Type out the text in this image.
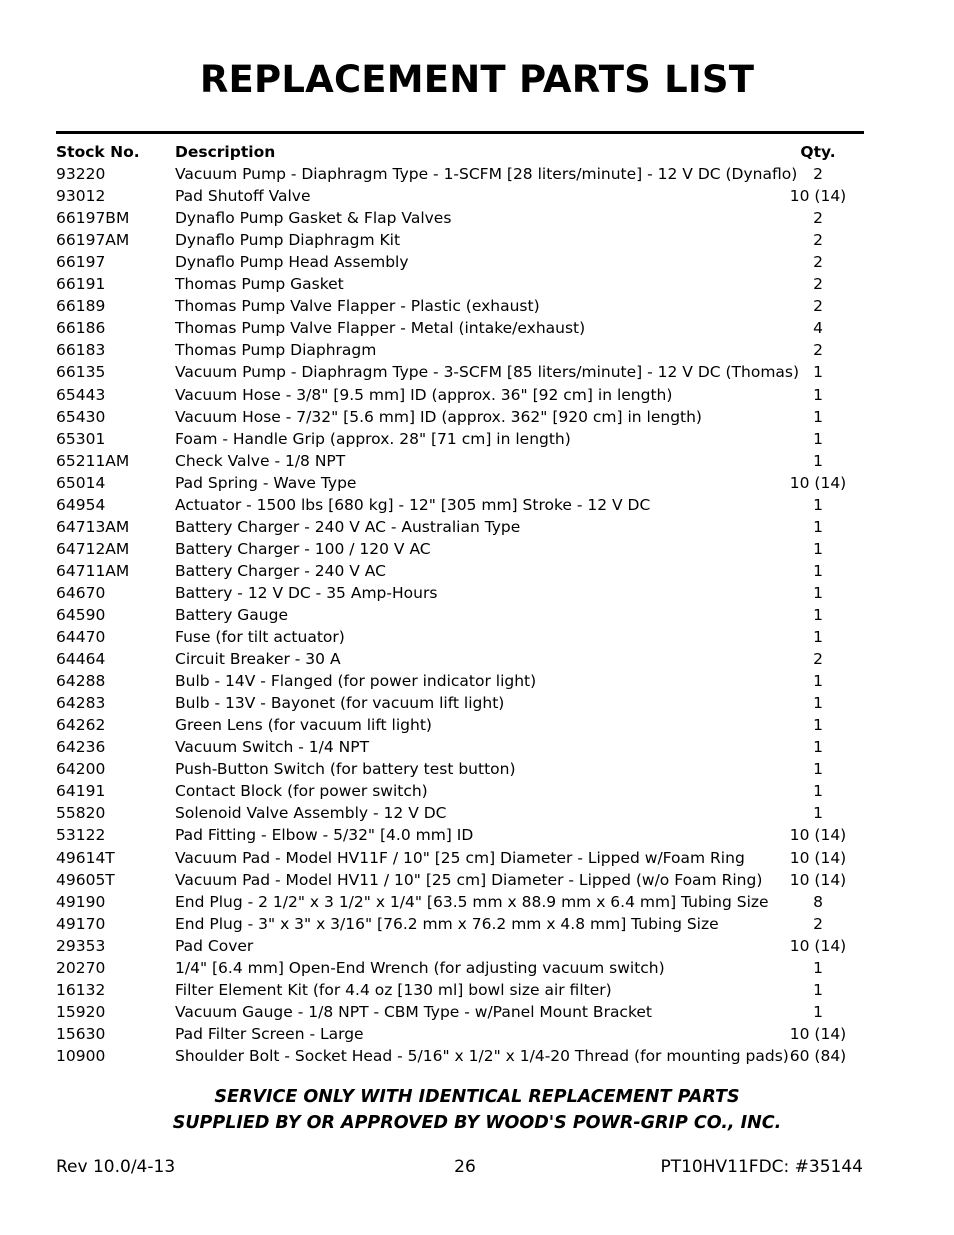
REPLACEMENT PARTS LIST
Stock No. Description	Qty.
93220	Vacuum Pump - Diaphragm Type - 1-SCFM [28 liters/minute] - 12 V DC (Dynaflo)	2
93012	Pad Shutoff Valve	10 (14)
66197BM	Dynaflo Pump Gasket & Flap Valves	2
66197AM	Dynaflo Pump Diaphragm Kit	2
66197	Dynaflo Pump Head Assembly	2
66191	Thomas Pump Gasket	2
66189	Thomas Pump Valve Flapper - Plastic (exhaust)	2
66186	Thomas Pump Valve Flapper - Metal (intake/exhaust)	4
66183	Thomas Pump Diaphragm	2
66135	Vacuum Pump - Diaphragm Type - 3-SCFM [85 liters/minute] - 12 V DC (Thomas) 1
65443	Vacuum Hose - 3/8" [9.5 mm] ID (approx. 36" [92 cm] in length)	1
65430	Vacuum Hose - 7/32" [5.6 mm] ID (approx. 362" [920 cm] in length)	1
65301	Foam - Handle Grip (approx. 28" [71 cm] in length)	1
65211AM	Check Valve - 1/8 NPT	1
65014	Pad Spring - Wave Type	10 (14)
64954	Actuator - 1500 lbs [680 kg] - 12" [305 mm] Stroke - 12 V DC	1
64713AM	Battery Charger - 240 V AC - Australian Type	1
64712AM	Battery Charger - 100 / 120 V AC	1
64711AM	Battery Charger - 240 V AC	1
64670	Battery - 12 V DC - 35 Amp-Hours	1
64590	Battery Gauge	1
64470	Fuse (for tilt actuator)	1
64464	Circuit Breaker - 30 A	2
64288	Bulb - 14V - Flanged (for power indicator light)	1
64283	Bulb - 13V - Bayonet (for vacuum lift light)	1
64262	Green Lens (for vacuum lift light)	1
64236	Vacuum Switch - 1/4 NPT	1
64200	Push-Button Switch (for battery test button)	1
64191	Contact Block (for power switch)	1
55820	Solenoid Valve Assembly - 12 V DC	1
53122	Pad Fitting - Elbow - 5/32" [4.0 mm] ID	10 (14)
49614T	Vacuum Pad - Model HV11F / 10" [25 cm] Diameter - Lipped w/Foam Ring	10 (14)
49605T	Vacuum Pad - Model HV11 / 10" [25 cm] Diameter - Lipped (w/o Foam Ring)	10 (14)
49190	End Plug - 2 1/2" x 3 1/2" x 1/4" [63.5 mm x 88.9 mm x 6.4 mm] Tubing Size	8
49170	End Plug - 3" x 3" x 3/16" [76.2 mm x 76.2 mm x 4.8 mm] Tubing Size	2
29353	Pad Cover	10 (14)
20270	1/4" [6.4 mm] Open-End Wrench (for adjusting vacuum switch)	1
16132	Filter Element Kit (for 4.4 oz [130 ml] bowl size air filter)	1
15920	Vacuum Gauge - 1/8 NPT - CBM Type - w/Panel Mount Bracket	1
15630	Pad Filter Screen - Large	10 (14)
10900	Shoulder Bolt - Socket Head - 5/16" x 1/2" x 1/4-20 Thread (for mounting pads) 60 (84)
SERVICE ONLY WITH IDENTICAL REPLACEMENT PARTS
SUPPLIED BY OR APPROVED BY WOOD'S POWR-GRIP CO., INC.
Rev 10.0/4-13	26	PT10HV11FDC: #35144
